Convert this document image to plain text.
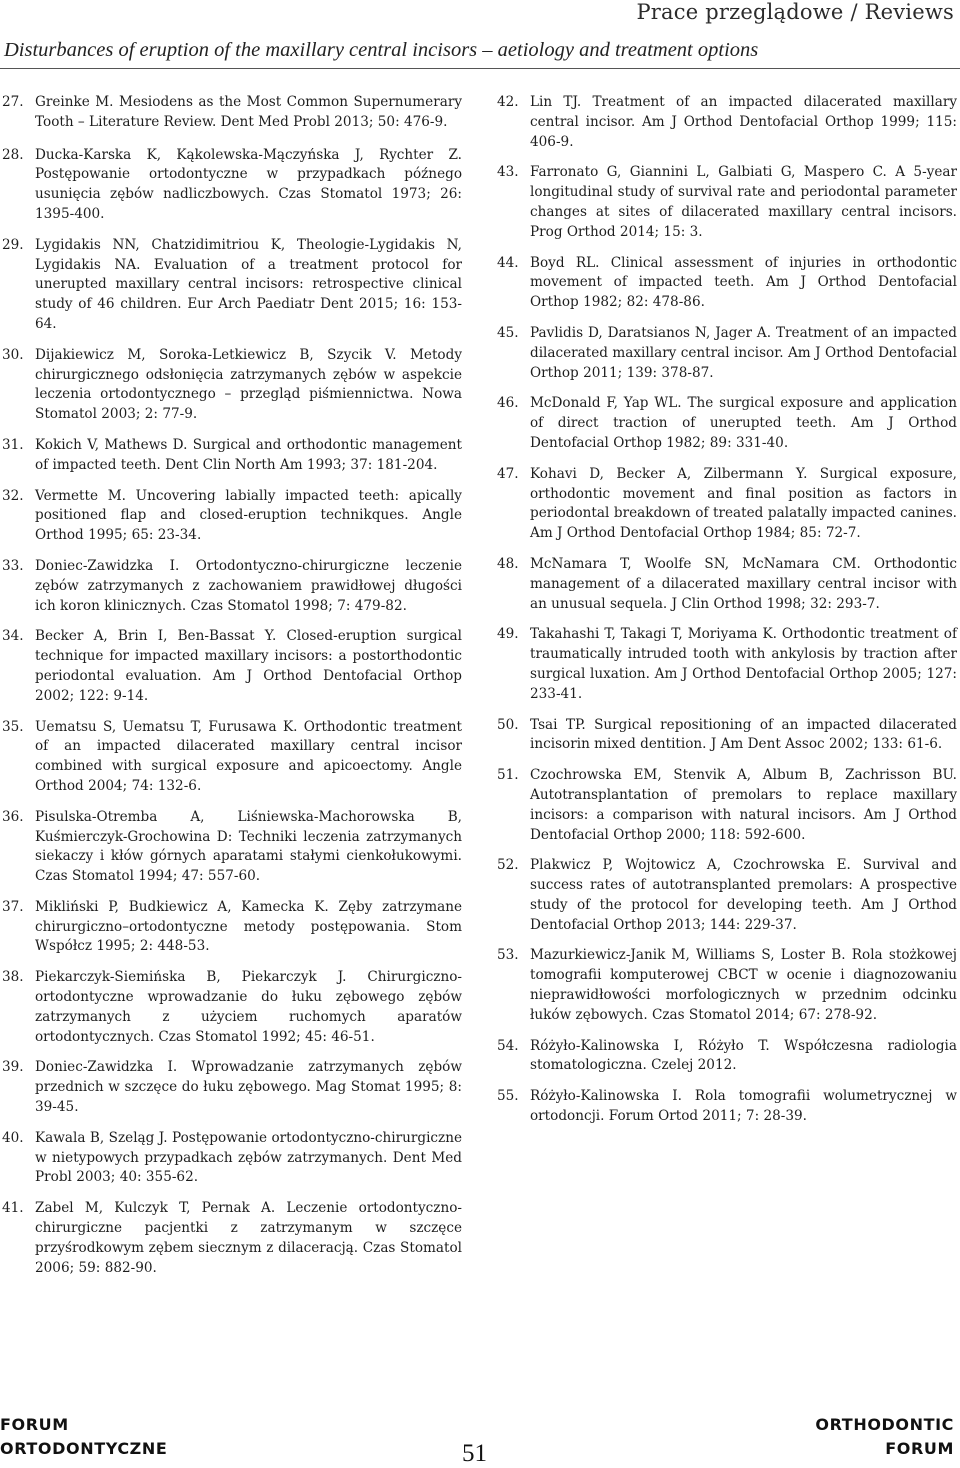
Prace przeglądowe / Reviews
Disturbances of eruption of the maxillary central incisors – aetiology and treatment options
27. Greinke M. Mesiodens as the Most Common Supernumerary Tooth – Literature Review. Dent Med Probl 2013; 50: 476-9.
28. Ducka-Karska K, Kąkolewska-Mączyńska J, Rychter Z. Postępowanie ortodontyczne w przypadkach późnego usunięcia zębów nadliczbowych. Czas Stomatol 1973; 26: 1395-400.
29. Lygidakis NN, Chatzidimitriou K, Theologie-Lygidakis N, Lygidakis NA. Evaluation of a treatment protocol for unerupted maxillary central incisors: retrospective clinical study of 46 children. Eur Arch Paediatr Dent 2015; 16: 153-64.
30. Dijakiewicz M, Soroka-Letkiewicz B, Szycik V. Metody chirurgicznego odsłonięcia zatrzymanych zębów w aspekcie leczenia ortodontycznego – przegląd piśmiennictwa. Nowa Stomatol 2003; 2: 77-9.
31. Kokich V, Mathews D. Surgical and orthodontic management of impacted teeth. Dent Clin North Am 1993; 37: 181-204.
32. Vermette M. Uncovering labially impacted teeth: apically positioned flap and closed-eruption technikques. Angle Orthod 1995; 65: 23-34.
33. Doniec-Zawidzka I. Ortodontyczno-chirurgiczne leczenie zębów zatrzymanych z zachowaniem prawidłowej długości ich koron klinicznych. Czas Stomatol 1998; 7: 479-82.
34. Becker A, Brin I, Ben-Bassat Y. Closed-eruption surgical technique for impacted maxillary incisors: a postorthodontic periodontal evaluation. Am J Orthod Dentofacial Orthop 2002; 122: 9-14.
35. Uematsu S, Uematsu T, Furusawa K. Orthodontic treatment of an impacted dilacerated maxillary central incisor combined with surgical exposure and apicoectomy. Angle Orthod 2004; 74: 132-6.
36. Pisulska-Otremba A, Liśniewska-Machorowska B, Kuśmierczyk-Grochowina D: Techniki leczenia zatrzymanych siekaczy i kłów górnych aparatami stałymi cienkołukowymi. Czas Stomatol 1994; 47: 557-60.
37. Mikliński P, Budkiewicz A, Kamecka K. Zęby zatrzymane chirurgiczno–ortodontyczne metody postępowania. Stom Współcz 1995; 2: 448-53.
38. Piekarczyk-Siemińska B, Piekarczyk J. Chirurgiczno-ortodontyczne wprowadzanie do łuku zębowego zębów zatrzymanych z użyciem ruchomych aparatów ortodontycznych. Czas Stomatol 1992; 45: 46-51.
39. Doniec-Zawidzka I. Wprowadzanie zatrzymanych zębów przednich w szczęce do łuku zębowego. Mag Stomat 1995; 8: 39-45.
40. Kawala B, Szeląg J. Postępowanie ortodontyczno-chirurgiczne w nietypowych przypadkach zębów zatrzymanych. Dent Med Probl 2003; 40: 355-62.
41. Zabel M, Kulczyk T, Pernak A. Leczenie ortodontyczno-chirurgiczne pacjentki z zatrzymanym w szczęce przyśrodkowym zębem siecznym z dilaceracją. Czas Stomatol 2006; 59: 882-90.
42. Lin TJ. Treatment of an impacted dilacerated maxillary central incisor. Am J Orthod Dentofacial Orthop 1999; 115: 406-9.
43. Farronato G, Giannini L, Galbiati G, Maspero C. A 5-year longitudinal study of survival rate and periodontal parameter changes at sites of dilacerated maxillary central incisors. Prog Orthod 2014; 15: 3.
44. Boyd RL. Clinical assessment of injuries in orthodontic movement of impacted teeth. Am J Orthod Dentofacial Orthop 1982; 82: 478-86.
45. Pavlidis D, Daratsianos N, Jager A. Treatment of an impacted dilacerated maxillary central incisor. Am J Orthod Dentofacial Orthop 2011; 139: 378-87.
46. McDonald F, Yap WL. The surgical exposure and application of direct traction of unerupted teeth. Am J Orthod Dentofacial Orthop 1982; 89: 331-40.
47. Kohavi D, Becker A, Zilbermann Y. Surgical exposure, orthodontic movement and final position as factors in periodontal breakdown of treated palatally impacted canines. Am J Orthod Dentofacial Orthop 1984; 85: 72-7.
48. McNamara T, Woolfe SN, McNamara CM. Orthodontic management of a dilacerated maxillary central incisor with an unusual sequela. J Clin Orthod 1998; 32: 293-7.
49. Takahashi T, Takagi T, Moriyama K. Orthodontic treatment of traumatically intruded tooth with ankylosis by traction after surgical luxation. Am J Orthod Dentofacial Orthop 2005; 127: 233-41.
50. Tsai TP. Surgical repositioning of an impacted dilacerated incisorin mixed dentition. J Am Dent Assoc 2002; 133: 61-6.
51. Czochrowska EM, Stenvik A, Album B, Zachrisson BU. Autotransplantation of premolars to replace maxillary incisors: a comparison with natural incisors. Am J Orthod Dentofacial Orthop 2000; 118: 592-600.
52. Plakwicz P, Wojtowicz A, Czochrowska E. Survival and success rates of autotransplanted premolars: A prospective study of the protocol for developing teeth. Am J Orthod Dentofacial Orthop 2013; 144: 229-37.
53. Mazurkiewicz-Janik M, Williams S, Loster B. Rola stożkowej tomografii komputerowej CBCT w ocenie i diagnozowaniu nieprawidłowości morfologicznych w przednim odcinku łuków zębowych. Czas Stomatol 2014; 67: 278-92.
54. Różyło-Kalinowska I, Różyło T. Współczesna radiologia stomatologiczna. Czelej 2012.
55. Różyło-Kalinowska I. Rola tomografii wolumetrycznej w ortodoncji. Forum Ortod 2011; 7: 28-39.
FORUM
ORTODONTYCZNE	51
ORTHODONTIC
FORUM
